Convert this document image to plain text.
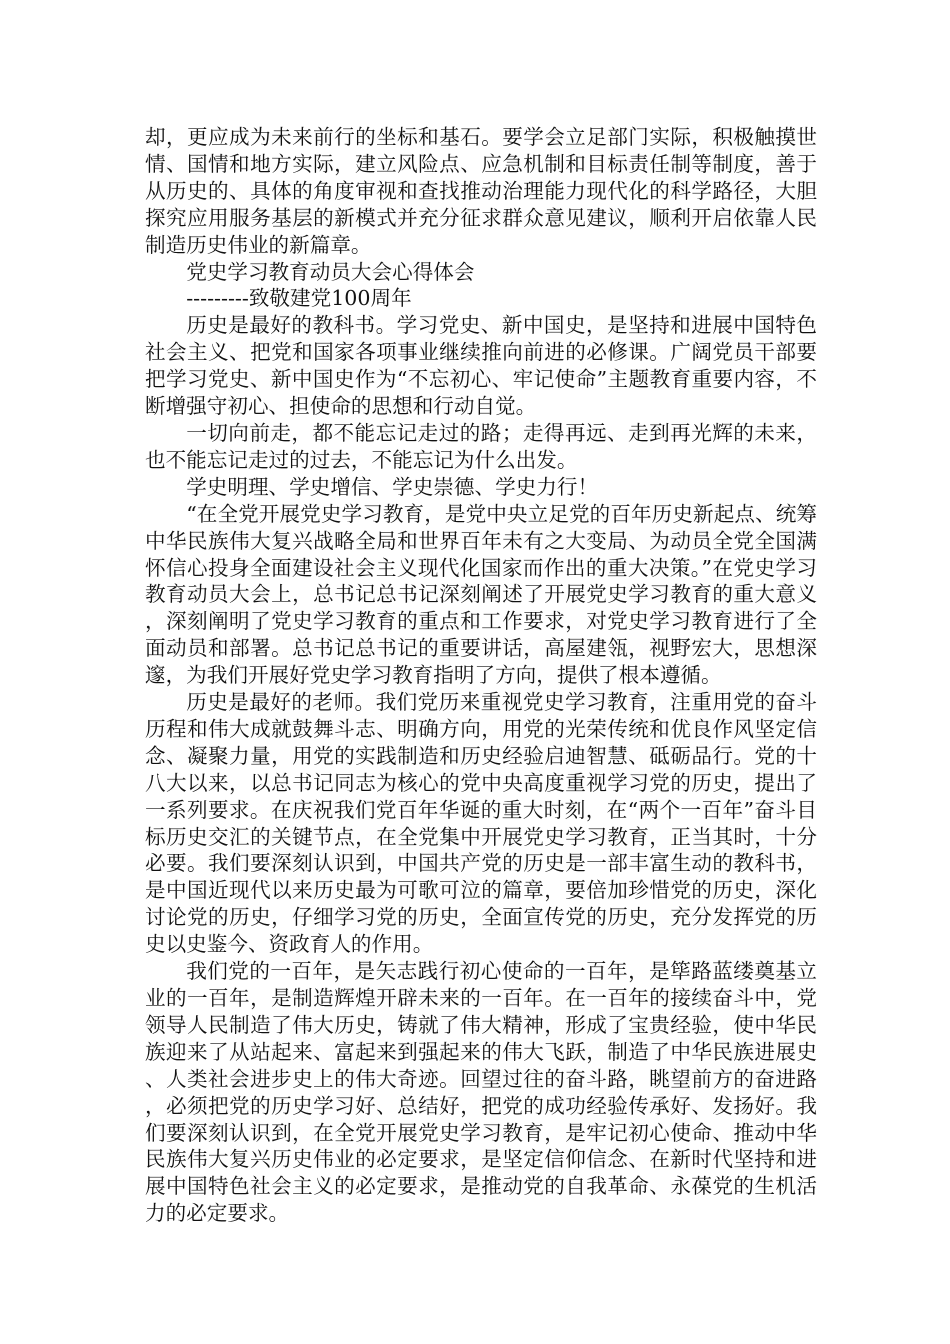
却，更应成为未来前行的坐标和基石。要学会立足部门实际，积极触摸世情、国情和地方实际，建立风险点、应急机制和目标责任制等制度，善于从历史的、具体的角度审视和查找推动治理能力现代化的科学路径，大胆探究应用服务基层的新模式并充分征求群众意见建议，顺利开启依靠人民制造历史伟业的新篇章。

党史学习教育动员大会心得体会

---------致敬建党100周年

历史是最好的教科书。学习党史、新中国史，是坚持和进展中国特色社会主义、把党和国家各项事业继续推向前进的必修课。广阔党员干部要把学习党史、新中国史作为“不忘初心、牢记使命”主题教育重要内容，不断增强守初心、担使命的思想和行动自觉。

一切向前走，都不能忘记走过的路；走得再远、走到再光辉的未来，也不能忘记走过的过去，不能忘记为什么出发。

学史明理、学史增信、学史崇德、学史力行！

“在全党开展党史学习教育，是党中央立足党的百年历史新起点、统筹中华民族伟大复兴战略全局和世界百年未有之大变局、为动员全党全国满怀信心投身全面建设社会主义现代化国家而作出的重大决策。”在党史学习教育动员大会上，总书记总书记深刻阐述了开展党史学习教育的重大意义，深刻阐明了党史学习教育的重点和工作要求，对党史学习教育进行了全面动员和部署。总书记总书记的重要讲话，高屋建瓴，视野宏大，思想深邃，为我们开展好党史学习教育指明了方向，提供了根本遵循。

历史是最好的老师。我们党历来重视党史学习教育，注重用党的奋斗历程和伟大成就鼓舞斗志、明确方向，用党的光荣传统和优良作风坚定信念、凝聚力量，用党的实践制造和历史经验启迪智慧、砥砺品行。党的十八大以来，以总书记同志为核心的党中央高度重视学习党的历史，提出了一系列要求。在庆祝我们党百年华诞的重大时刻，在“两个一百年”奋斗目标历史交汇的关键节点，在全党集中开展党史学习教育，正当其时，十分必要。我们要深刻认识到，中国共产党的历史是一部丰富生动的教科书，是中国近现代以来历史最为可歌可泣的篇章，要倍加珍惜党的历史，深化讨论党的历史，仔细学习党的历史，全面宣传党的历史，充分发挥党的历史以史鉴今、资政育人的作用。

我们党的一百年，是矢志践行初心使命的一百年，是筚路蓝缕奠基立业的一百年，是制造辉煌开辟未来的一百年。在一百年的接续奋斗中，党领导人民制造了伟大历史，铸就了伟大精神，形成了宝贵经验，使中华民族迎来了从站起来、富起来到强起来的伟大飞跃，制造了中华民族进展史、人类社会进步史上的伟大奇迹。回望过往的奋斗路，眺望前方的奋进路，必须把党的历史学习好、总结好，把党的成功经验传承好、发扬好。我们要深刻认识到，在全党开展党史学习教育，是牢记初心使命、推动中华民族伟大复兴历史伟业的必定要求，是坚定信仰信念、在新时代坚持和进展中国特色社会主义的必定要求，是推动党的自我革命、永葆党的生机活力的必定要求。
